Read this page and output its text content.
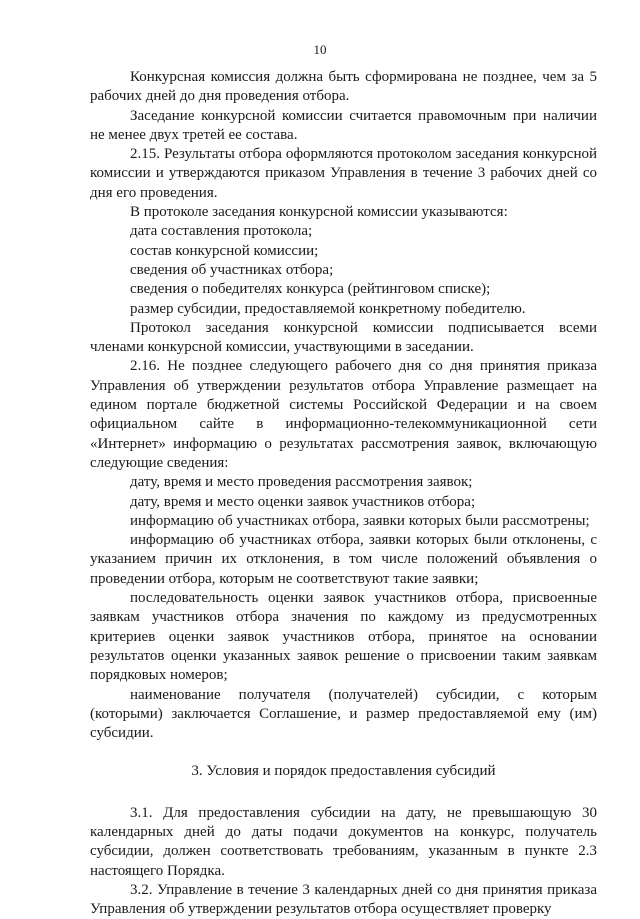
10

Конкурсная комиссия должна быть сформирована не позднее, чем за 5 рабочих дней до дня проведения отбора.

Заседание конкурсной комиссии считается правомочным при наличии не менее двух третей ее состава.

2.15. Результаты отбора оформляются протоколом заседания конкурсной комиссии и утверждаются приказом Управления в течение 3 рабочих дней со дня его проведения.

В протоколе заседания конкурсной комиссии указываются:

дата составления протокола;

состав конкурсной комиссии;

сведения об участниках отбора;

сведения о победителях конкурса (рейтинговом списке);

размер субсидии, предоставляемой конкретному победителю.

Протокол заседания конкурсной комиссии подписывается всеми членами конкурсной комиссии, участвующими в заседании.

2.16. Не позднее следующего рабочего дня со дня принятия приказа Управления об утверждении результатов отбора Управление размещает на едином портале бюджетной системы Российской Федерации и на своем официальном сайте в информационно-телекоммуникационной сети «Интернет» информацию о результатах рассмотрения заявок, включающую следующие сведения:

дату, время и место проведения рассмотрения заявок;

дату, время и место оценки заявок участников отбора;

информацию об участниках отбора, заявки которых были рассмотрены;

информацию об участниках отбора, заявки которых были отклонены, с указанием причин их отклонения, в том числе положений объявления о проведении отбора, которым не соответствуют такие заявки;

последовательность оценки заявок участников отбора, присвоенные заявкам участников отбора значения по каждому из предусмотренных критериев оценки заявок участников отбора, принятое на основании результатов оценки указанных заявок решение о присвоении таким заявкам порядковых номеров;

наименование получателя (получателей) субсидии, с которым (которыми) заключается Соглашение, и размер предоставляемой ему (им) субсидии.

3. Условия и порядок предоставления субсидий

3.1. Для предоставления субсидии на дату, не превышающую 30 календарных дней до даты подачи документов на конкурс, получатель субсидии, должен соответствовать требованиям, указанным в пункте 2.3 настоящего Порядка.

3.2. Управление в течение 3 календарных дней со дня принятия приказа Управления об утверждении результатов отбора осуществляет проверку
